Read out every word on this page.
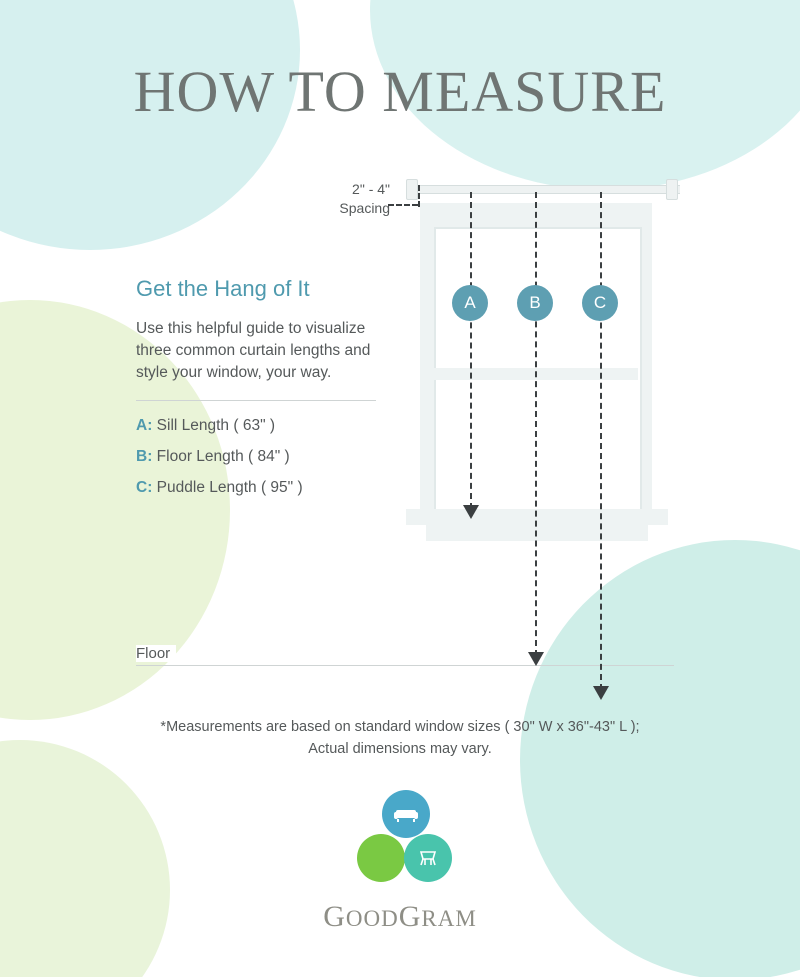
HOW TO MEASURE
2" - 4"
Spacing
A	B	C
Get the Hang of It

Use this helpful guide to visualize three common curtain lengths and style your window, your way.

A: Sill Length ( 63" )
B: Floor Length ( 84" )
C: Puddle Length ( 95" )
Floor
*Measurements are based on standard window sizes ( 30" W x 36"-43" L );
Actual dimensions may vary.
GOODGRAM
